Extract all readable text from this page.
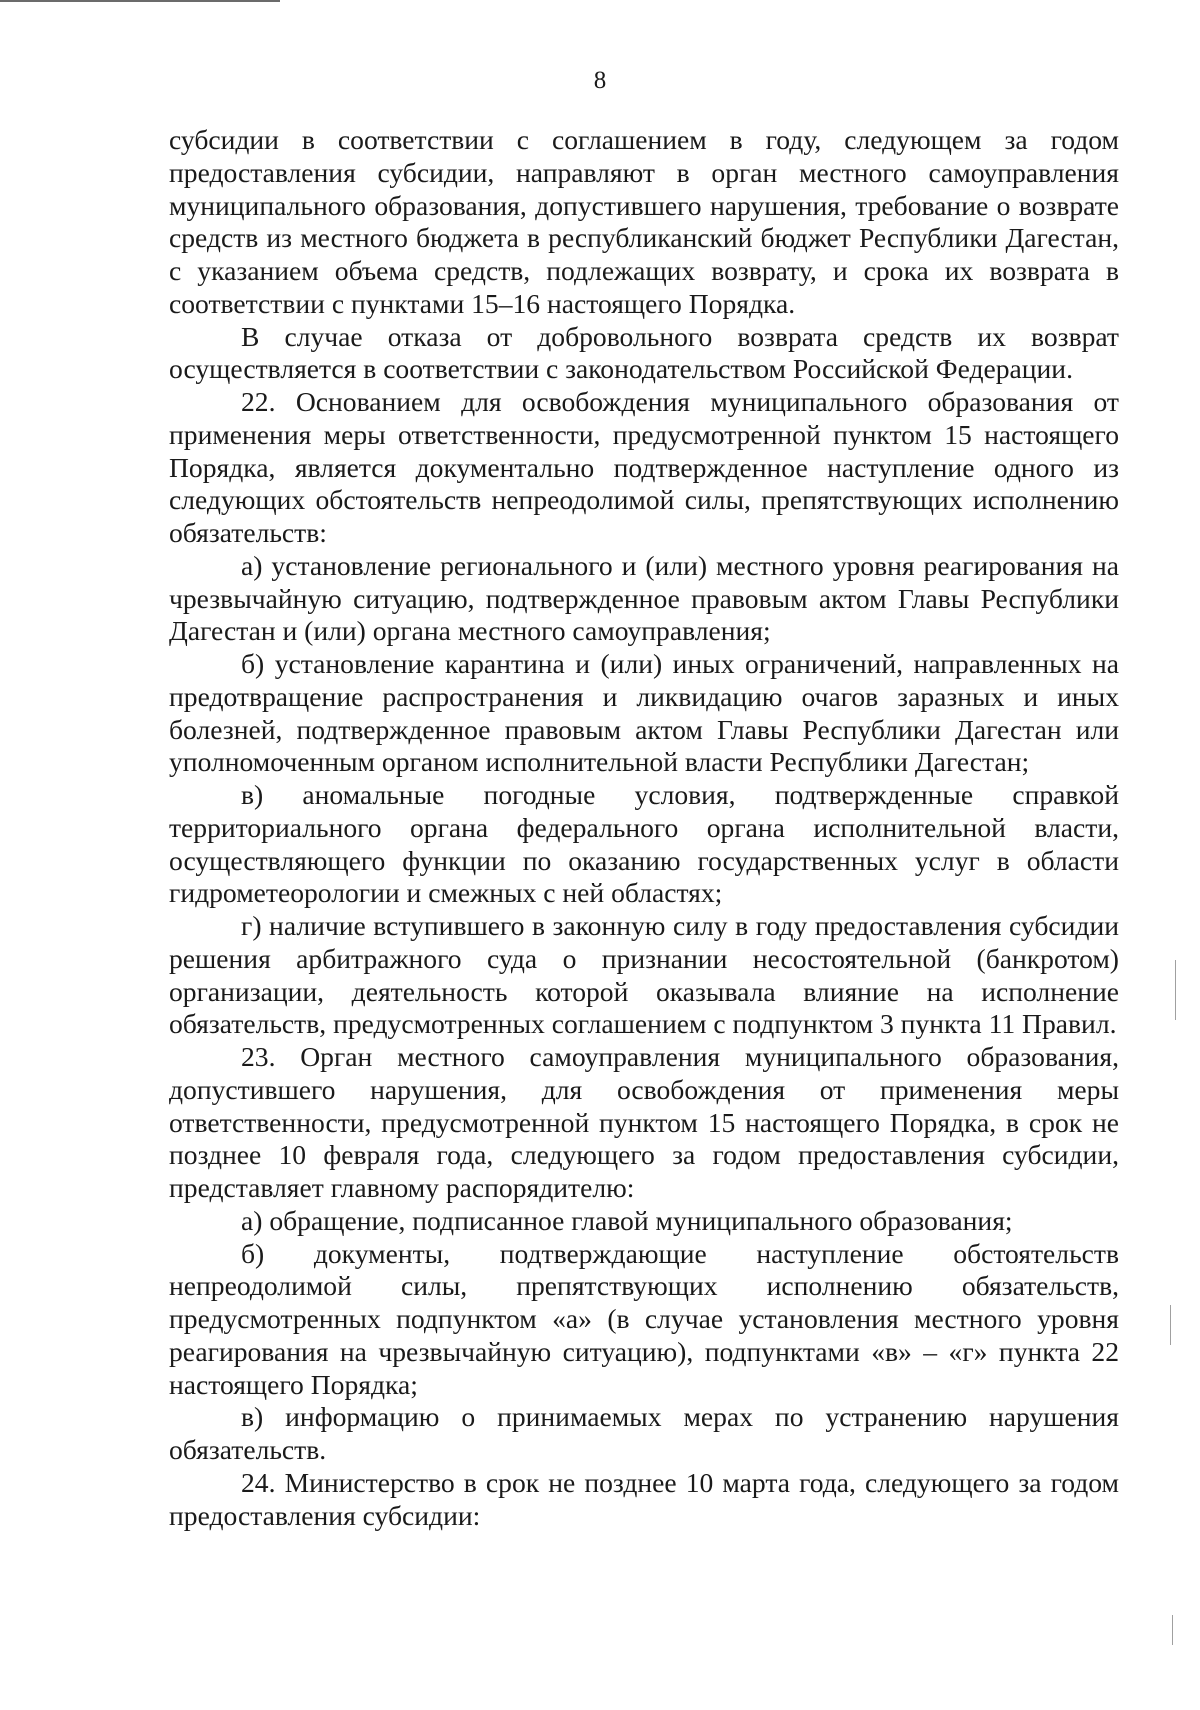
8

субсидии в соответствии с соглашением в году, следующем за годом предоставления субсидии, направляют в орган местного самоуправления муниципального образования, допустившего нарушения, требование о возврате средств из местного бюджета в республиканский бюджет Республики Дагестан, с указанием объема средств, подлежащих возврату, и срока их возврата в соответствии с пунктами 15–16 настоящего Порядка.

В случае отказа от добровольного возврата средств их возврат осуществляется в соответствии с законодательством Российской Федерации.

22. Основанием для освобождения муниципального образования от применения меры ответственности, предусмотренной пунктом 15 настоящего Порядка, является документально подтвержденное наступление одного из следующих обстоятельств непреодолимой силы, препятствующих исполнению обязательств:

а) установление регионального и (или) местного уровня реагирования на чрезвычайную ситуацию, подтвержденное правовым актом Главы Республики Дагестан и (или) органа местного самоуправления;

б) установление карантина и (или) иных ограничений, направленных на предотвращение распространения и ликвидацию очагов заразных и иных болезней, подтвержденное правовым актом Главы Республики Дагестан или уполномоченным органом исполнительной власти Республики Дагестан;

в) аномальные погодные условия, подтвержденные справкой территориального органа федерального органа исполнительной власти, осуществляющего функции по оказанию государственных услуг в области гидрометеорологии и смежных с ней областях;

г) наличие вступившего в законную силу в году предоставления субсидии решения арбитражного суда о признании несостоятельной (банкротом) организации, деятельность которой оказывала влияние на исполнение обязательств, предусмотренных соглашением с подпунктом 3 пункта 11 Правил.

23. Орган местного самоуправления муниципального образования, допустившего нарушения, для освобождения от применения меры ответственности, предусмотренной пунктом 15 настоящего Порядка, в срок не позднее 10 февраля года, следующего за годом предоставления субсидии, представляет главному распорядителю:

а) обращение, подписанное главой муниципального образования;

б) документы, подтверждающие наступление обстоятельств непреодолимой силы, препятствующих исполнению обязательств, предусмотренных подпунктом «а» (в случае установления местного уровня реагирования на чрезвычайную ситуацию), подпунктами «в» – «г» пункта 22 настоящего Порядка;

в) информацию о принимаемых мерах по устранению нарушения обязательств.

24. Министерство в срок не позднее 10 марта года, следующего за годом предоставления субсидии:
